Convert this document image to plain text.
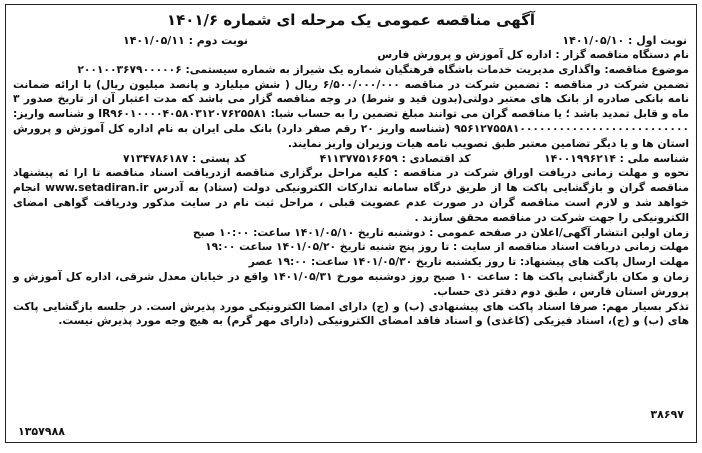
آگهی مناقصه عمومی یک مرحله ای شماره ۱۴۰۱/۶
نوبت اول : ۱۴۰۱/۰۵/۱۰
نوبت دوم : ۱۴۰۱/۰۵/۱۱
نام دستگاه مناقصه گزار : اداره کل آموزش و پرورش فارس
موضوع مناقصه: واگذاری مدیریت خدمات باشگاه فرهنگیان شماره یک شیراز به شماره سیستمی: ۲۰۰۱۰۰۳۶۷۹۰۰۰۰۰۶
تضمین شرکت در مناقصه : تضمین شرکت در مناقصه ۶/۵۰۰/۰۰۰/۰۰۰ ریال ( شش میلیارد و پانصد میلیون ریال) با ارائه ضمانت نامه بانکی صادره از بانک های معتبر دولتی(بدون قید و شرط) در وجه مناقصه گزار می باشد که مدت اعتبار آن از تاریخ صدور ۳ ماه و قابل تمدید باشد ؛ یا مناقصه گران می توانند مبلغ تضمین را به حساب شبا: IR۹۶۰۱۰۰۰۰۴۰۵۸۰۳۱۲۰۷۶۲۵۵۸۱ و شناسه واریز: ۹۵۶۱۲۷۵۵۸۱۰۰۰۰۰۰۰۰۰۰۰۰۰۰۰۰۰۰۰۰۰۰۰۰۰۰ (شناسه واریز ۲۰ رقم صفر دارد) بانک ملی ایران به نام اداره کل آموزش و پرورش استان ها و یا دیگر تضامین معتبر طبق تصویب نامه هیات وزیران واریز نمایند.
شناسه ملی : ۱۴۰۰۱۹۹۶۲۱۴
کد اقتصادی : ۴۱۱۳۷۷۵۱۶۶۵۹
کد پستی : ۷۱۳۴۷۸۶۱۸۷
نحوه و مهلت زمانی دریافت اوراق شرکت در مناقصه : کلیه مراحل برگزاری مناقصه ازدریافت اسناد مناقصه تا ارا ئه پیشنهاد مناقصه گران و بازگشایی پاکت ها از طریق درگاه سامانه تدارکات الکترونیکی دولت (ستاد) به آدرس www.setadiran.ir انجام خواهد شد و لازم است مناقصه گران در صورت عدم عضویت قبلی ، مراحل ثبت نام در سایت مذکور ودریافت گواهی امضای الکترونیکی را جهت شرکت در مناقصه محقق سازند .
زمان اولین انتشار آگهی/اعلان در صفحه عمومی : دوشنبه تاریخ ۱۴۰۱/۰۵/۱۰ ساعت: ۱۰:۰۰ صبح
مهلت زمانی دریافت اسناد مناقصه از سایت : تا روز پنج شنبه تاریخ ۱۴۰۱/۰۵/۲۰ ساعت ۱۹:۰۰
مهلت ارسال پاکت های پیشنهاد: تا روز یکشنبه تاریخ ۱۴۰۱/۰۵/۳۰ ساعت: ۱۹:۰۰ عصر
زمان و مکان بازگشایی پاکت ها : ساعت ۱۰ صبح روز دوشنبه مورخ ۱۴۰۱/۰۵/۳۱ واقع در خیابان معدل شرقی، اداره کل آموزش و پرورش استان فارس ، طبق دوم دفتر ذی حساب.
تذکر بسیار مهم: صرفا اسناد پاکت های پیشنهادی (ب) و (ج) دارای امضا الکترونیکی مورد پذیرش است. در جلسه بازگشایی پاکت های (ب) و (ج)، اسناد فیزیکی (کاغذی) و اسناد فاقد امضای الکترونیکی (دارای مهر گرم) به هیچ وجه مورد پذیرش نیست.
۳۸۶۹۷
۱۳۵۷۹۸۸
